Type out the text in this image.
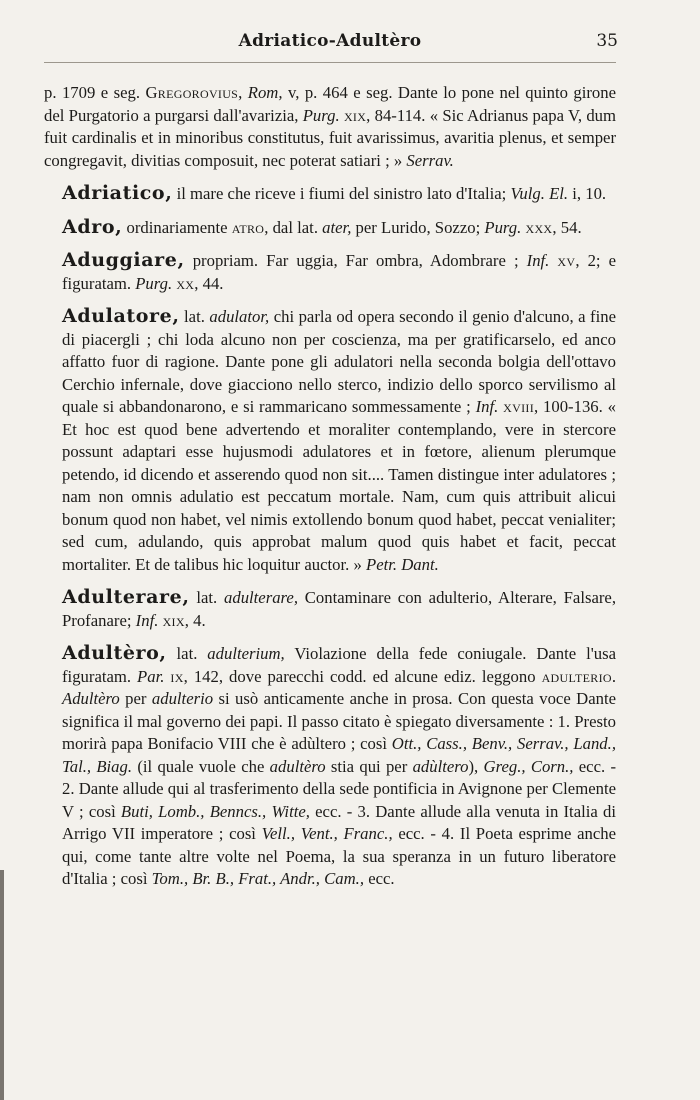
Adriatico-Adultèro	35

p. 1709 e seg. Gregorovius, Rom, v, p. 464 e seg. Dante lo pone nel quinto girone del Purgatorio a purgarsi dall'avarizia, Purg. xix, 84-114. « Sic Adrianus papa V, dum fuit cardinalis et in minoribus constitutus, fuit avarissimus, avaritia plenus, et semper congregavit, divitias composuit, nec poterat satiari ; » Serrav.

Adriatico, il mare che riceve i fiumi del sinistro lato d'Italia; Vulg. El. i, 10.

Adro, ordinariamente atro, dal lat. ater, per Lurido, Sozzo; Purg. xxx, 54.

Aduggiare, propriam. Far uggia, Far ombra, Adombrare ; Inf. xv, 2; e figuratam. Purg. xx, 44.

Adulatore, lat. adulator, chi parla od opera secondo il genio d'alcuno, a fine di piacergli ; chi loda alcuno non per coscienza, ma per gratificarselo, ed anco affatto fuor di ragione. Dante pone gli adulatori nella seconda bolgia dell'ottavo Cerchio infernale, dove giacciono nello sterco, indizio dello sporco servilismo al quale si abbandonarono, e si rammaricano sommessamente ; Inf. xviii, 100-136. « Et hoc est quod bene advertendo et moraliter contemplando, vere in stercore possunt adaptari esse hujusmodi adulatores et in fœtore, alienum plerumque petendo, id dicendo et asserendo quod non sit.... Tamen distingue inter adulatores ; nam non omnis adulatio est peccatum mortale. Nam, cum quis attribuit alicui bonum quod non habet, vel nimis extollendo bonum quod habet, peccat venialiter; sed cum, adulando, quis approbat malum quod quis habet et facit, peccat mortaliter. Et de talibus hic loquitur auctor. » Petr. Dant.

Adulterare, lat. adulterare, Contaminare con adulterio, Alterare, Falsare, Profanare; Inf. xix, 4.

Adultèro, lat. adulterium, Violazione della fede coniugale. Dante l'usa figuratam. Par. ix, 142, dove parecchi codd. ed alcune ediz. leggono adulterio. Adultèro per adulterio si usò anticamente anche in prosa. Con questa voce Dante significa il mal governo dei papi. Il passo citato è spiegato diversamente : 1. Presto morirà papa Bonifacio VIII che è adùltero ; così Ott., Cass., Benv., Serrav., Land., Tal., Biag. (il quale vuole che adultèro stia qui per adùltero), Greg., Corn., ecc. - 2. Dante allude qui al trasferimento della sede pontificia in Avignone per Clemente V ; così Buti, Lomb., Benncs., Witte, ecc. - 3. Dante allude alla venuta in Italia di Arrigo VII imperatore ; così Vell., Vent., Franc., ecc. - 4. Il Poeta esprime anche qui, come tante altre volte nel Poema, la sua speranza in un futuro liberatore d'Italia ; così Tom., Br. B., Frat., Andr., Cam., ecc.
